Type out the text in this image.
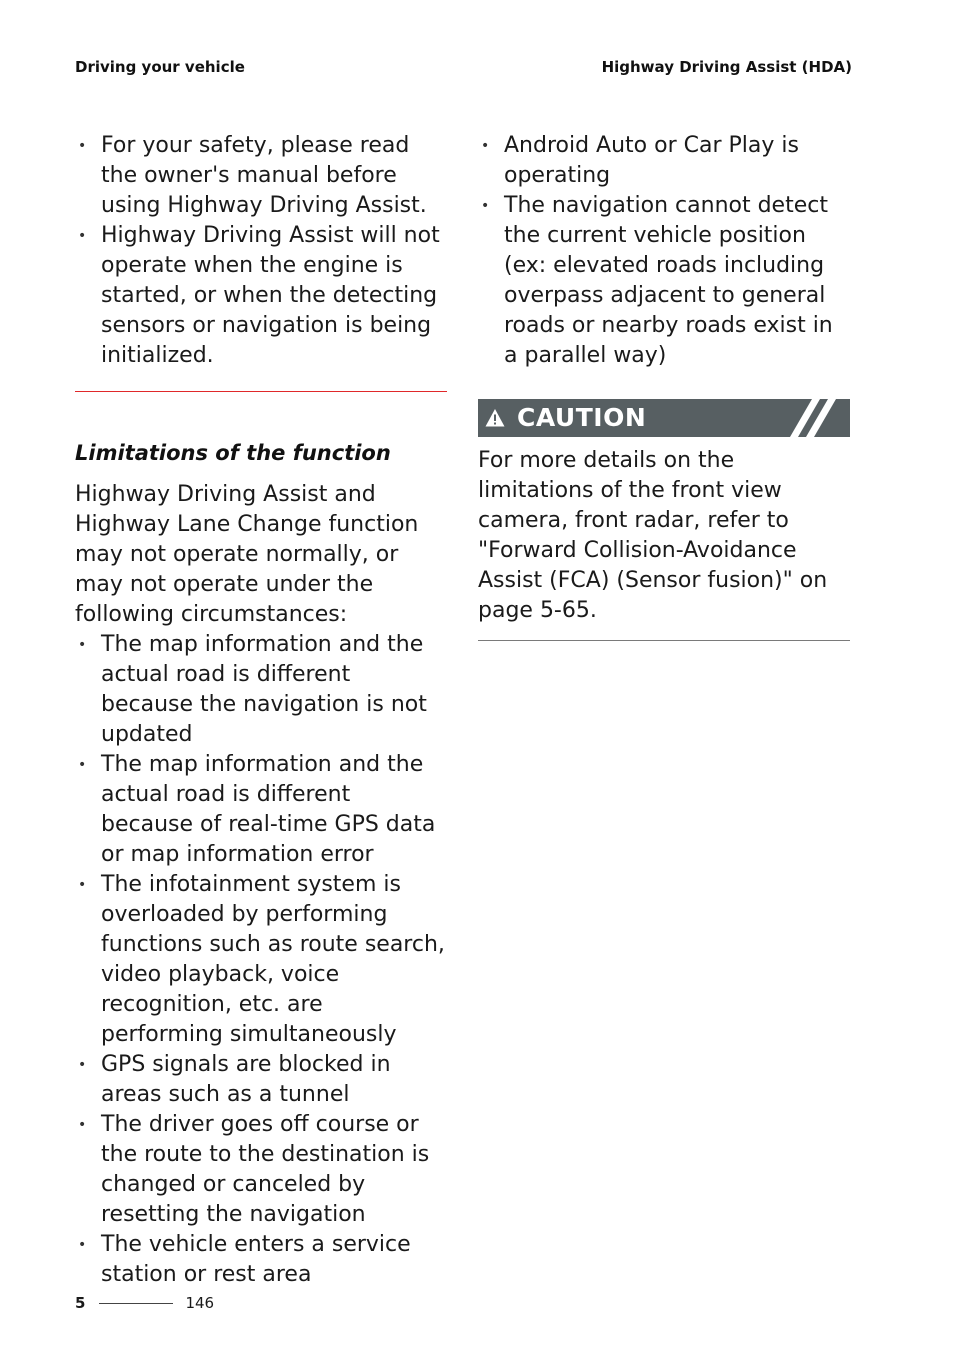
Driving your vehicle	Highway Driving Assist (HDA)
• For your safety, please read the owner's manual before using Highway Driving Assist.
• Highway Driving Assist will not operate when the engine is started, or when the detecting sensors or navigation is being initialized.
Limitations of the function

Highway Driving Assist and Highway Lane Change function may not operate normally, or may not operate under the following circumstances:

• The map information and the actual road is different because the navigation is not updated
• The map information and the actual road is different because of real-time GPS data or map information error
• The infotainment system is overloaded by performing functions such as route search, video playback, voice recognition, etc. are performing simultaneously
• GPS signals are blocked in areas such as a tunnel
• The driver goes off course or the route to the destination is changed or canceled by resetting the navigation
• The vehicle enters a service station or rest area
• Android Auto or Car Play is operating
• The navigation cannot detect the current vehicle position (ex: elevated roads including overpass adjacent to general roads or nearby roads exist in a parallel way)
CAUTION

For more details on the limitations of the front view camera, front radar, refer to "Forward Collision-Avoidance Assist (FCA) (Sensor fusion)" on page 5-65.

5	146
